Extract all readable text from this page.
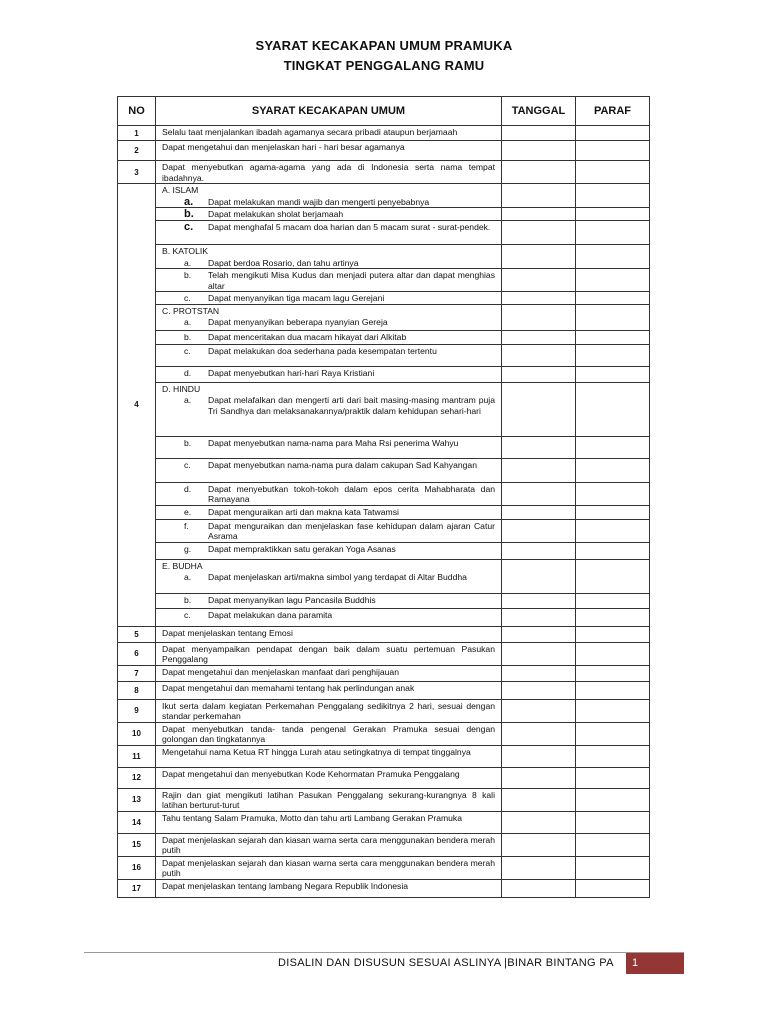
SYARAT KECAKAPAN UMUM PRAMUKA
TINGKAT PENGGALANG RAMU
NO	SYARAT KECAKAPAN UMUM	TANGGAL	PARAF
1	Selalu taat menjalankan ibadah agamanya secara pribadi ataupun berjamaah		

2	Dapat mengetahui dan menjelaskan hari - hari besar agamanya		

3	Dapat menyebutkan agama-agama yang ada di Indonesia serta nama tempat ibadahnya.		

4	A. ISLAM
a. Dapat melakukan mandi wajib dan mengerti penyebabnya		

	b. Dapat melakukan sholat berjamaah		

	c. Dapat menghafal 5 macam doa harian dan 5 macam surat - surat-pendek.		

	B. KATOLIK
a. Dapat berdoa Rosario, dan tahu artinya		

	b. Telah mengikuti Misa Kudus dan menjadi putera altar dan dapat menghias altar		

	c. Dapat menyanyikan tiga macam lagu Gerejani		

	C. PROTSTAN
a. Dapat menyanyikan beberapa nyanyian Gereja		

	b. Dapat menceritakan dua macam hikayat dari Alkitab		

	c. Dapat melakukan doa sederhana pada kesempatan tertentu		

	d. Dapat menyebutkan hari-hari Raya Kristiani		

	D. HINDU
a. Dapat melafalkan dan mengerti arti dari bait masing-masing mantram puja Tri Sandhya dan melaksanakannya/praktik dalam kehidupan sehari-hari		

	b. Dapat menyebutkan nama-nama para Maha Rsi penerima Wahyu		

	c. Dapat menyebutkan nama-nama pura dalam cakupan Sad Kahyangan		

	d. Dapat menyebutkan tokoh-tokoh dalam epos cerita Mahabharata dan Ramayana		

	e. Dapat menguraikan arti dan makna kata Tatwamsi		

	f. Dapat menguraikan dan menjelaskan fase kehidupan dalam ajaran Catur Asrama		

	g. Dapat mempraktikkan satu gerakan Yoga Asanas		

	E. BUDHA
a. Dapat menjelaskan arti/makna simbol yang terdapat di Altar Buddha		

	b. Dapat menyanyikan lagu Pancasila Buddhis		

	c. Dapat melakukan dana paramita		

5	Dapat menjelaskan tentang Emosi		

6	Dapat menyampaikan pendapat dengan baik dalam suatu pertemuan Pasukan Penggalang		

7	Dapat mengetahui dan menjelaskan manfaat dari penghijauan		

8	Dapat mengetahui dan memahami tentang hak perlindungan anak		

9	Ikut serta dalam kegiatan Perkemahan Penggalang sedikitnya 2 hari, sesuai dengan standar perkemahan		

10	Dapat menyebutkan tanda- tanda pengenal Gerakan Pramuka sesuai dengan golongan dan tingkatannya		

11	Mengetahui nama Ketua RT hingga Lurah atau setingkatnya di tempat tinggalnya		

12	Dapat mengetahui dan menyebutkan Kode Kehormatan Pramuka Penggalang		

13	Rajin dan giat mengikuti latihan Pasukan Penggalang sekurang-kurangnya 8 kali latihan berturut-turut		

14	Tahu tentang Salam Pramuka, Motto dan tahu arti Lambang Gerakan Pramuka		

15	Dapat menjelaskan sejarah dan kiasan warna serta cara menggunakan bendera merah putih		

16	Dapat menjelaskan sejarah dan kiasan warna serta cara menggunakan bendera merah putih		

17	Dapat menjelaskan tentang lambang Negara Republik Indonesia		

DISALIN DAN DISUSUN SESUAI ASLINYA |BINAR BINTANG PA	1
